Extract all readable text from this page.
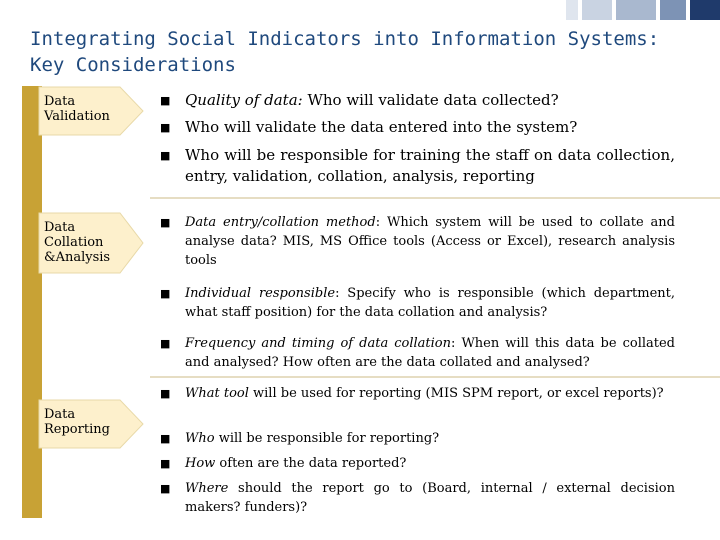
Integrating Social Indicators into Information Systems: Key Considerations
Data
Validation
Data
Collation
&Analysis
Data
Reporting
■ Quality of data: Who will validate data collected?
■ Who will validate the data entered into the system?
■ Who will be responsible for training the staff on data collection, entry, validation, collation, analysis, reporting
■ Data entry/collation method: Which system will be used to collate and analyse data? MIS, MS Office tools (Access or Excel), research analysis tools
■ Individual responsible: Specify who is responsible (which department, what staff position) for the data collation and analysis?
■ Frequency and timing of data collation: When will this data be collated and analysed? How often are the data collated and analysed?
■ What tool will be used for reporting (MIS SPM report, or excel reports)?
■ Who will be responsible for reporting?
■ How often are the data reported?
■ Where should the report go to (Board, internal / external decision makers? funders)?
